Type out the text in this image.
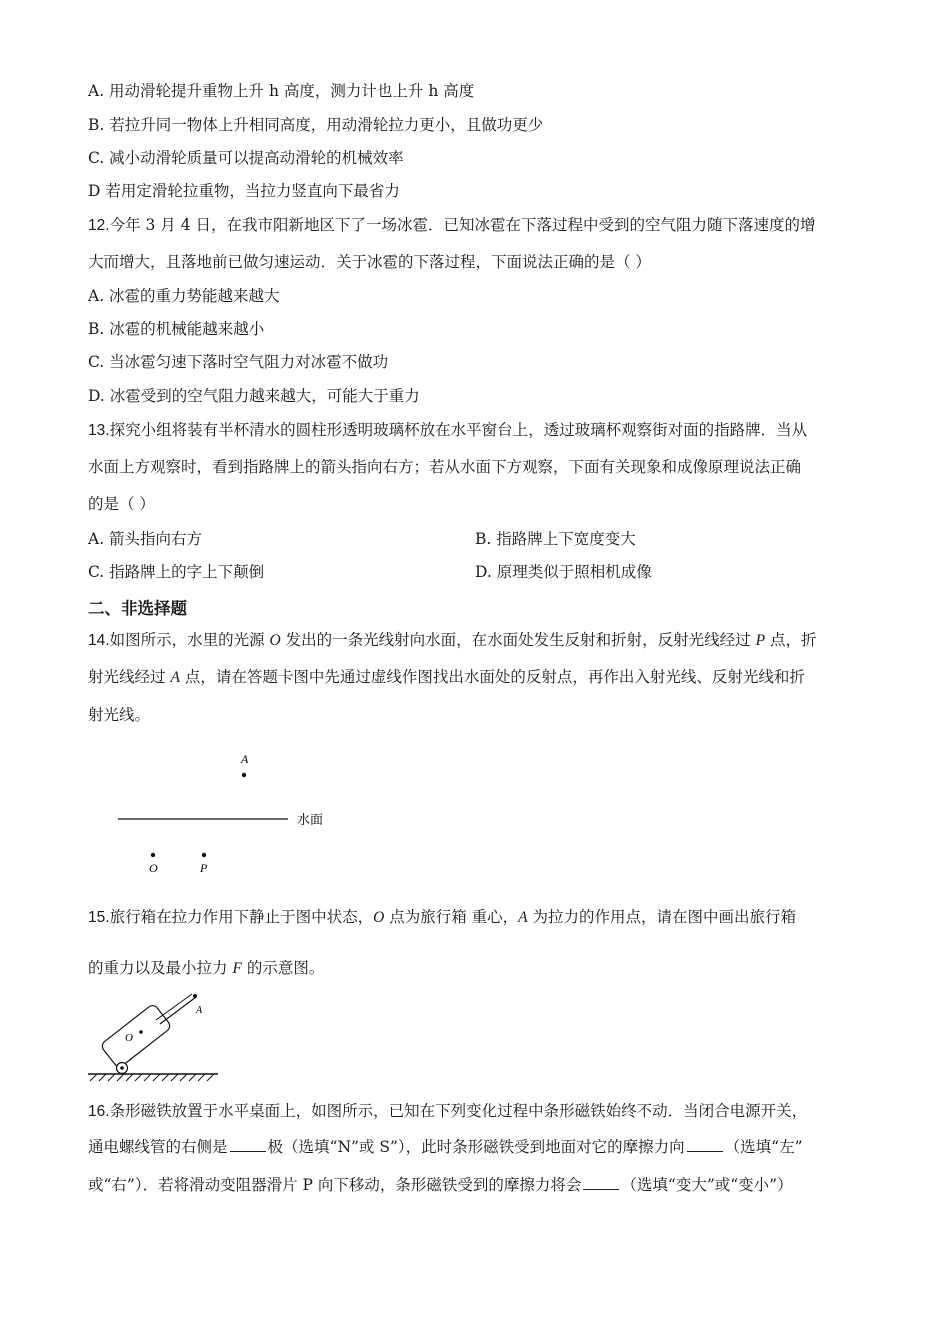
A. 用动滑轮提升重物上升 h 高度，测力计也上升 h 高度
B. 若拉升同一物体上升相同高度，用动滑轮拉力更小，且做功更少
C. 减小动滑轮质量可以提高动滑轮的机械效率
D 若用定滑轮拉重物，当拉力竖直向下最省力
12.今年 3 月 4 日，在我市阳新地区下了一场冰雹．已知冰雹在下落过程中受到的空气阻力随下落速度的增
大而增大，且落地前已做匀速运动．关于冰雹的下落过程，下面说法正确的是（ ）
A. 冰雹的重力势能越来越大
B. 冰雹的机械能越来越小
C. 当冰雹匀速下落时空气阻力对冰雹不做功
D. 冰雹受到的空气阻力越来越大，可能大于重力
13.探究小组将装有半杯清水的圆柱形透明玻璃杯放在水平窗台上，透过玻璃杯观察街对面的指路牌．当从
水面上方观察时，看到指路牌上的箭头指向右方；若从水面下方观察，下面有关现象和成像原理说法正确
的是（ ）
A. 箭头指向右方	B. 指路牌上下宽度变大
C. 指路牌上的字上下颠倒	D. 原理类似于照相机成像
二、非选择题
14.如图所示，水里的光源 O 发出的一条光线射向水面，在水面处发生反射和折射，反射光线经过 P 点，折
射光线经过 A 点，请在答题卡图中先通过虚线作图找出水面处的反射点，再作出入射光线、反射光线和折
射光线。
A
水面
O	P
15.旅行箱在拉力作用下静止于图中状态，O 点为旅行箱 重心，A 为拉力的作用点，请在图中画出旅行箱
的重力以及最小拉力 F 的示意图。
A
O
16.条形磁铁放置于水平桌面上，如图所示，已知在下列变化过程中条形磁铁始终不动．当闭合电源开关，
通电螺线管的右侧是	极（选填“N”或 S”），此时条形磁铁受到地面对它的摩擦力向	（选填“左”
或“右”）．若将滑动变阻器滑片 P 向下移动，条形磁铁受到的摩擦力将会	（选填“变大”或“变小”）
